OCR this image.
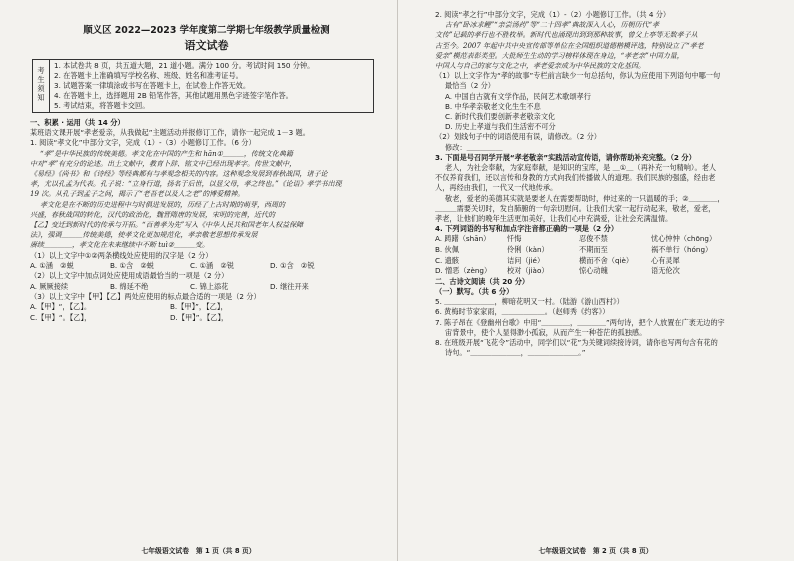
顺义区 2022—2023 学年度第二学期七年级教学质量检测
语文试卷
考
生
须
知
1. 本试卷共 8 页，共五道大题，21 道小题。满分 100 分。考试时间 150 分钟。
2. 在答题卡上准确填写学校名称、班级、姓名和准考证号。
3. 试题答案一律填涂或书写在答题卡上，在试卷上作答无效。
4. 在答题卡上，选择题用 2B 铅笔作答，其他试题用黑色字迹签字笔作答。
5. 考试结束，将答题卡交回。
一、积累 · 运用（共 14 分）
某班语文课开展“孝老爱亲，从我做起”主题活动并报修订工作，请你一起完成 1－3 题。
1. 阅读“孝文化”中部分文字，完成（1）-（3）小题修订工作。（6 分）
“孝”是中华民族的传统美德。孝文化在中国的产生和 hān①＿＿＿，传统文化典籍
中对“孝”有充分的论述。出土文献中，教育卜辞、铭文中已经出现孝字。传世文献中，
《易经》《尚书》和《诗经》等经典都有与孝观念相关的内容。这种观念发展到春秋战国，诸子论
孝，尤以孔孟为代表。孔子说：“立身行道，扬名于后世，以显父母，孝之终也。”《论语》孝学书出现
19 次。从孔子到孟子之间，揭示了“老吾老以及人之老”的博爱精神。
孝文化是在不断的历史进程中与时俱进发展的，历经了上古时期的萌芽，西周的
兴盛，春秋战国的转化，汉代的政治化，魏晋隋唐的发展，宋明的完善，近代的
【乙】变迁到新时代的传承与开拓。“百善孝为先”写入《中华人民共和国老年人权益保障
法》，强调＿＿＿传统美德，使孝文化更加规范化，孝亲敬老思想传承发展
赓续＿＿＿＿，孝文化在未来继续中不断 tuì②＿＿＿变。
（1）以上文字中①②两条横线处应使用的汉字是（2 分）
A. ①涵　②蜕	B. ①含　②蜕	C. ①涵　②锐	D. ①含　②锐
（2）以上文字中加点词处应使用成语最恰当的一项是（2 分）
A. 厥厥接续	B. 绵延不绝	C. 锦上添花	D. 继往开来
（3）以上文字中【甲】【乙】两处应使用的标点最合适的一项是（2 分）
A.【甲】“，【乙】。	B.【甲】”，【乙】，
C.【甲】“。【乙】，	D.【甲】”。【乙】，
七年级语文试卷　第 1 页（共 8 页）
2. 阅读“孝之行”中部分文字，完成（1）-（2）小题修订工作。（共 4 分）
古有“卧冰求鲤”“亲尝汤药”等“二十四孝”典故深入人心，历朝历代“孝
文传”记载的孝行也不胜枚举。新时代也涌现出到到那种故事，曾父上亭等无数孝子从
古至今。2007 年起中共中央宣传部等单位在全国组织道德楷模评选，特别设立了“孝老
爱亲”模范表彰类型。大批师生生动的学习榜样体现在身边，“孝老亲”中国力量，
中国人与自己的家与文化之中，孝老爱亲成为中华民族的文化基因。
（1）以上文字作为“孝的故事”专栏前言缺少一句总括句，你认为应使用下列语句中哪一句
最恰当（2 分）
A. 中国自古就有文学作品，民间艺术歌颂孝行
B. 中华孝亲敬老文化生生不息
C. 新时代我们要创新孝老敬亲文化
D. 历史上孝道与我们生活密不可分
（2）划线句子中的词语使用有误，请修改。（2 分）
修改：＿＿＿＿＿
3. 下面是号召同学开展“孝老敬亲”实践活动宣传语，请你帮助补充完整。（2 分）
老人，为社会奉献，为家庭奉献，是知识的宝库，是 ＿①＿（再补充一句精响）。老人
不仅养育我们，还以言传和身教的方式向我们传播做人的道理。我们民族的强盛，经由老
人，再经由我们，一代又一代地传承。
敬老，爱老的美德其实就是要老人在需要帮助时，伸过来的一只温暖的手；②＿＿＿＿，
＿＿＿需要关切时，发自肺腑的一句亲切慰问。让我们大家一起行动起来，敬老，爱老，
孝老，让他们的晚年生活更加美好，让我们心中充满爱，让社会充满温情。
4. 下列词语的书写和加点字注音都正确的一项是（2 分）
A. 踌躇（shān）	忏悔	忍俊不禁	忧心忡忡（chōng）
B. 伙佩	伶俐（kàn）	不期而至	祸不单行（hóng）
C. 遗骸	诘问（jié）	横而不舍（qiè）	心有灵犀
D. 憎恶（zèng）	校对（jiào）	惊心动魄	语无伦次
二、古诗文阅读（共 20 分）
（一）默写。（共 6 分）
5. ＿＿＿＿＿＿＿，柳暗花明又一村。（陆游《游山西村》）
6. 黄梅时节家家雨，＿＿＿＿＿＿。（赵师秀《约客》）
7. 陈子昂在《登幽州台歌》中用“＿＿＿＿，＿＿＿＿”两句诗，把个人放置在广袤无边的宇
宙背景中，使个人显得渺小孤寂，从而产生一种苍茫的孤独感。
8. 在班级开展“飞花令”活动中，同学们以“花”为关键词续接诗词，请你也写两句含有花的
诗句。“＿＿＿＿＿＿＿，＿＿＿＿＿＿＿。”
七年级语文试卷　第 2 页（共 8 页）
